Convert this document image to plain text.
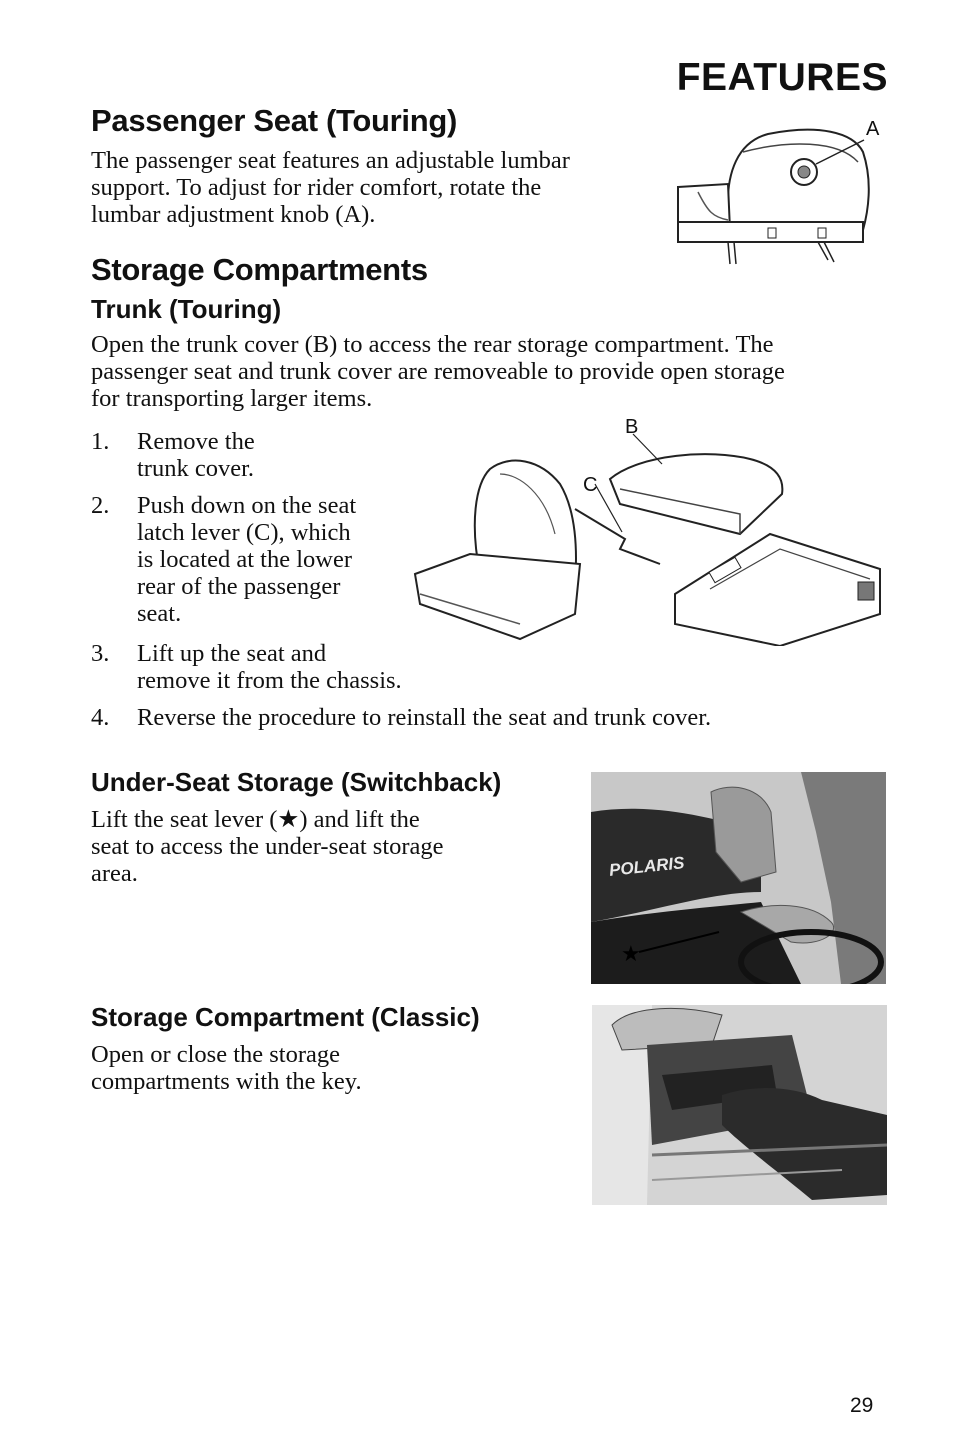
FEATURES
Passenger Seat (Touring)
The passenger seat features an adjustable lumbar
support. To adjust for rider comfort, rotate the
lumbar adjustment knob (A).
A
Storage Compartments
Trunk (Touring)
Open the trunk cover (B) to access the rear storage compartment. The
passenger seat and trunk cover are removeable to provide open storage
for transporting larger items.
1. Remove the
trunk cover.
2. Push down on the seat
latch lever (C), which
is located at the lower
rear of the passenger
seat.
3. Lift up the seat and
remove it from the chassis.
4. Reverse the procedure to reinstall the seat and trunk cover.
B
C
Under-Seat Storage (Switchback)
Lift the seat lever (★) and lift the
seat to access the under-seat storage
area.	POLARIS
★
Storage Compartment (Classic)
Open or close the storage
compartments with the key.
29
